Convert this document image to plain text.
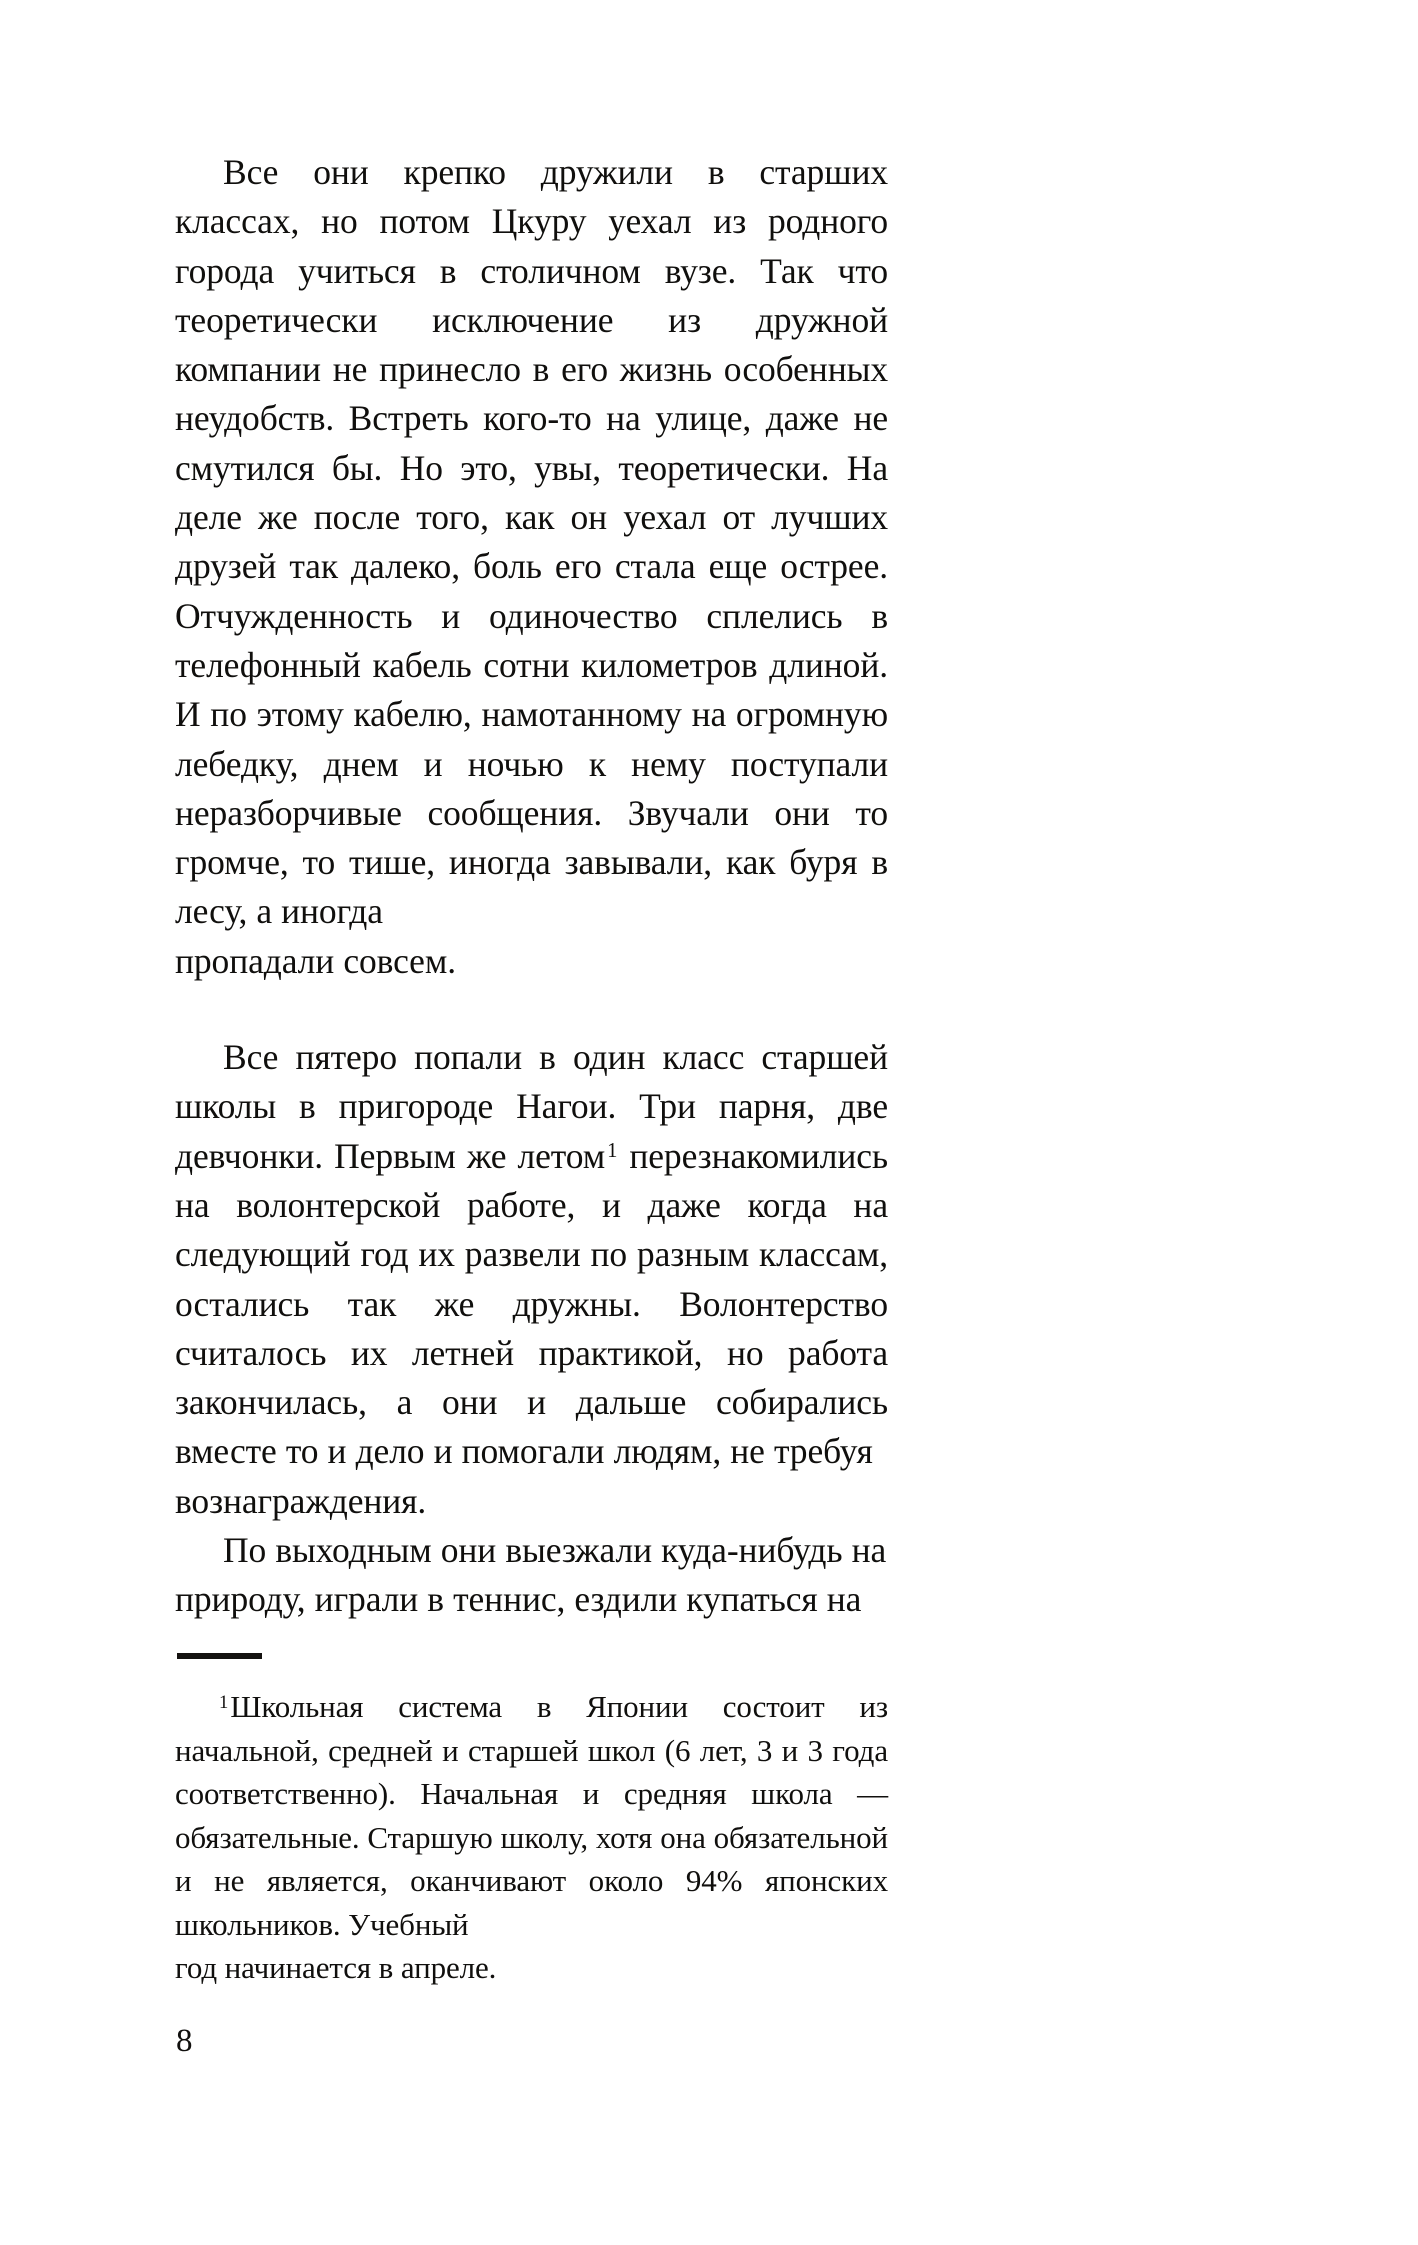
Все они крепко дружили в старших классах, но потом Цкуру уехал из родного города учиться в столичном вузе. Так что теоретически исключение из дружной компании не принесло в его жизнь особенных неудобств. Встреть кого-то на улице, даже не смутился бы. Но это, увы, теоретически. На деле же после того, как он уехал от лучших друзей так далеко, боль его стала еще острее. Отчужденность и одиночество сплелись в телефонный кабель сотни километров длиной. И по этому кабелю, намотанному на огромную лебедку, днем и ночью к нему поступали неразборчивые сообщения. Звучали они то громче, то тише, иногда завывали, как буря в лесу, а иногда
пропадали совсем.

Все пятеро попали в один класс старшей школы в пригороде Нагои. Три парня, две девчонки. Первым же летом$^1$ перезнакомились на волонтерской работе, и даже когда на следующий год их развели по разным классам, остались так же дружны. Волонтерство считалось их летней практикой, но работа закончилась, а они и дальше собирались вместе то и дело и помогали людям, не требуя
вознаграждения.

По выходным они выезжали куда-нибудь на природу, играли в теннис, ездили купаться на

$^1$Школьная система в Японии состоит из начальной, средней и старшей школ (6 лет, 3 и 3 года соответственно). Начальная и средняя школа — обязательные. Старшую школу, хотя она обязательной и не является, оканчивают около 94% японских школьников. Учебный
год начинается в апреле.

8
